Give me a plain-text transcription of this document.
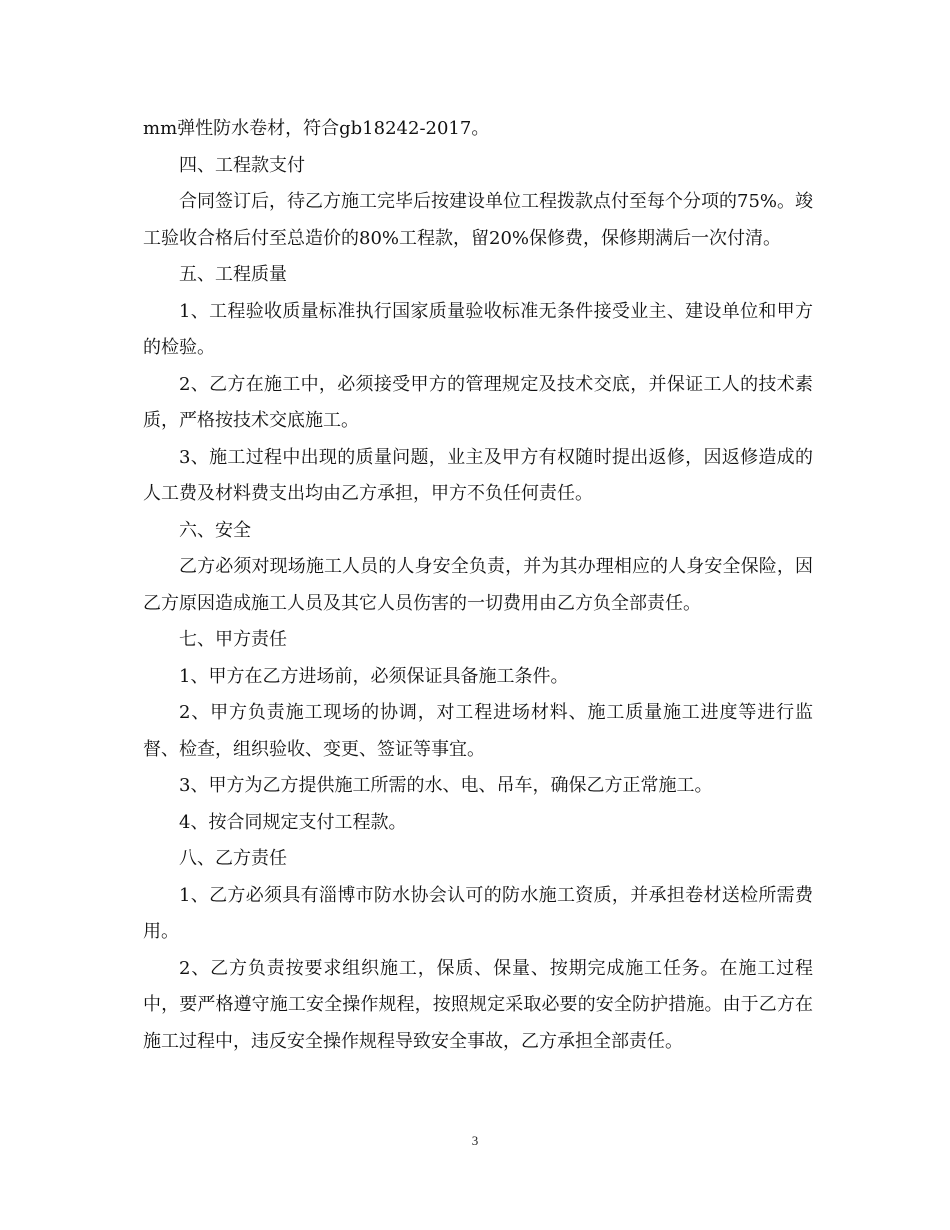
mm弹性防水卷材，符合gb18242-2017。

四、工程款支付

合同签订后，待乙方施工完毕后按建设单位工程拨款点付至每个分项的75%。竣工验收合格后付至总造价的80%工程款，留20%保修费，保修期满后一次付清。

五、工程质量

1、工程验收质量标准执行国家质量验收标准无条件接受业主、建设单位和甲方的检验。

2、乙方在施工中，必须接受甲方的管理规定及技术交底，并保证工人的技术素质，严格按技术交底施工。

3、施工过程中出现的质量问题，业主及甲方有权随时提出返修，因返修造成的人工费及材料费支出均由乙方承担，甲方不负任何责任。

六、安全

乙方必须对现场施工人员的人身安全负责，并为其办理相应的人身安全保险，因乙方原因造成施工人员及其它人员伤害的一切费用由乙方负全部责任。

七、甲方责任

1、甲方在乙方进场前，必须保证具备施工条件。

2、甲方负责施工现场的协调，对工程进场材料、施工质量施工进度等进行监督、检查，组织验收、变更、签证等事宜。

3、甲方为乙方提供施工所需的水、电、吊车，确保乙方正常施工。

4、按合同规定支付工程款。

八、乙方责任

1、乙方必须具有淄博市防水协会认可的防水施工资质，并承担卷材送检所需费用。

2、乙方负责按要求组织施工，保质、保量、按期完成施工任务。在施工过程中，要严格遵守施工安全操作规程，按照规定采取必要的安全防护措施。由于乙方在施工过程中，违反安全操作规程导致安全事故，乙方承担全部责任。

3
